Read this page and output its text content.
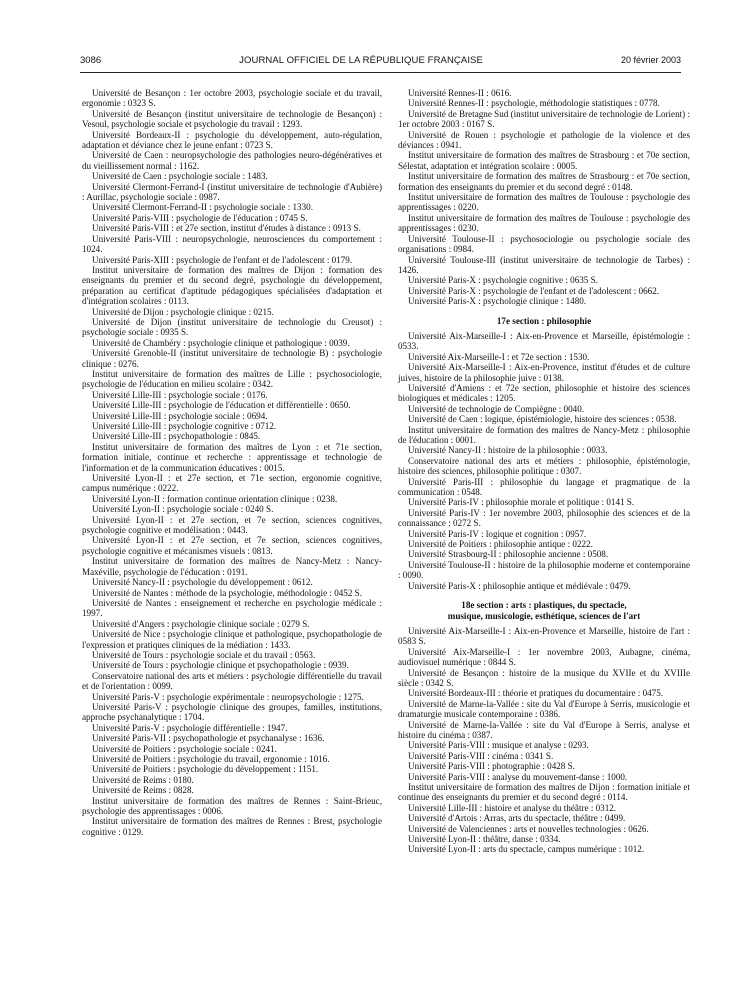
3086	JOURNAL OFFICIEL DE LA RÉPUBLIQUE FRANÇAISE	20 février 2003

Université de Besançon : 1er octobre 2003, psychologie sociale et du travail, ergonomie : 0323 S.

Université de Besançon (institut universitaire de technologie de Besançon) : Vesoul, psychologie sociale et psychologie du travail : 1293.

Université Bordeaux-II : psychologie du développement, auto-régulation, adaptation et déviance chez le jeune enfant : 0723 S.

Université de Caen : neuropsychologie des pathologies neuro-dégénératives et du vieillissement normal : 1162.

Université de Caen : psychologie sociale : 1483.

Université Clermont-Ferrand-I (institut universitaire de technologie d'Aubière) : Aurillac, psychologie sociale : 0987.

Université Clermont-Ferrand-II : psychologie sociale : 1330.

Université Paris-VIII : psychologie de l'éducation : 0745 S.

Université Paris-VIII : et 27e section, institut d'études à distance : 0913 S.

Université Paris-VIII : neuropsychologie, neurosciences du comportement : 1024.

Université Paris-XIII : psychologie de l'enfant et de l'adolescent : 0179.

Institut universitaire de formation des maîtres de Dijon : formation des enseignants du premier et du second degré, psychologie du développement, préparation au certificat d'aptitude pédagogiques spécialisées d'adaptation et d'intégration scolaires : 0113.

Université de Dijon : psychologie clinique : 0215.

Université de Dijon (institut universitaire de technologie du Creusot) : psychologie sociale : 0935 S.

Université de Chambéry : psychologie clinique et pathologique : 0039.

Université Grenoble-II (institut universitaire de technologie B) : psychologie clinique : 0276.

Institut universitaire de formation des maîtres de Lille : psychosociologie, psychologie de l'éducation en milieu scolaire : 0342.

Université Lille-III : psychologie sociale : 0176.

Université Lille-III : psychologie de l'éducation et différentielle : 0650.

Université Lille-III : psychologie sociale : 0694.

Université Lille-III : psychologie cognitive : 0712.

Université Lille-III : psychopathologie : 0845.

Institut universitaire de formation des maîtres de Lyon : et 71e section, formation initiale, continue et recherche : apprentissage et technologie de l'information et de la communication éducatives : 0015.

Université Lyon-II : et 27e section, et 71e section, ergonomie cognitive, campus numérique : 0222.

Université Lyon-II : formation continue orientation clinique : 0238.

Université Lyon-II : psychologie sociale : 0240 S.

Université Lyon-II : et 27e section, et 7e section, sciences cognitives, psychologie cognitive et modélisation : 0443.

Université Lyon-II : et 27e section, et 7e section, sciences cognitives, psychologie cognitive et mécanismes visuels : 0813.

Institut universitaire de formation des maîtres de Nancy-Metz : Nancy-Maxéville, psychologie de l'éducation : 0191.

Université Nancy-II : psychologie du développement : 0612.

Université de Nantes : méthode de la psychologie, méthodologie : 0452 S.

Université de Nantes : enseignement et recherche en psychologie médicale : 1997.

Université d'Angers : psychologie clinique sociale : 0279 S.

Université de Nice : psychologie clinique et pathologique, psychopathologie de l'expression et pratiques cliniques de la médiation : 1433.

Université de Tours : psychologie sociale et du travail : 0563.

Université de Tours : psychologie clinique et psychopathologie : 0939.

Conservatoire national des arts et métiers : psychologie différentielle du travail et de l'orientation : 0099.

Université Paris-V : psychologie expérimentale : neuropsychologie : 1275.

Université Paris-V : psychologie clinique des groupes, familles, institutions, approche psychanalytique : 1704.

Université Paris-V : psychologie différentielle : 1947.

Université Paris-VII : psychopathologie et psychanalyse : 1636.

Université de Poitiers : psychologie sociale : 0241.

Université de Poitiers : psychologie du travail, ergonomie : 1016.

Université de Poitiers : psychologie du développement : 1151.

Université de Reims : 0180.

Université de Reims : 0828.

Institut universitaire de formation des maîtres de Rennes : Saint-Brieuc, psychologie des apprentissages : 0006.

Institut universitaire de formation des maîtres de Rennes : Brest, psychologie cognitive : 0129.

Université Rennes-II : 0616.

Université Rennes-II : psychologie, méthodologie statistiques : 0778.

Université de Bretagne Sud (institut universitaire de technologie de Lorient) : 1er octobre 2003 : 0167 S.

Université de Rouen : psychologie et pathologie de la violence et des déviances : 0941.

Institut universitaire de formation des maîtres de Strasbourg : et 70e section, Sélestat, adaptation et intégration scolaire : 0005.

Institut universitaire de formation des maîtres de Strasbourg : et 70e section, formation des enseignants du premier et du second degré : 0148.

Institut universitaire de formation des maîtres de Toulouse : psychologie des apprentissages : 0220.

Institut universitaire de formation des maîtres de Toulouse : psychologie des apprentissages : 0230.

Université Toulouse-II : psychosociologie ou psychologie sociale des organisations : 0984.

Université Toulouse-III (institut universitaire de technologie de Tarbes) : 1426.

Université Paris-X : psychologie cognitive : 0635 S.

Université Paris-X : psychologie de l'enfant et de l'adolescent : 0662.

Université Paris-X : psychologie clinique : 1480.

17e section : philosophie

Université Aix-Marseille-I : Aix-en-Provence et Marseille, épistémologie : 0533.

Université Aix-Marseille-I : et 72e section : 1530.

Université Aix-Marseille-I : Aix-en-Provence, institut d'études et de culture juives, histoire de la philosophie juive : 0138.

Université d'Amiens : et 72e section, philosophie et histoire des sciences biologiques et médicales : 1205.

Université de technologie de Compiègne : 0040.

Université de Caen : logique, épistémiologie, histoire des sciences : 0538.

Institut universitaire de formation des maîtres de Nancy-Metz : philosophie de l'éducation : 0001.

Université Nancy-II : histoire de la philosophie : 0033.

Conservatoire national des arts et métiers : philosophie, épistémologie, histoire des sciences, philosophie politique : 0307.

Université Paris-III : philosophie du langage et pragmatique de la communication : 0548.

Université Paris-IV : philosophie morale et politique : 0141 S.

Université Paris-IV : 1er novembre 2003, philosophie des sciences et de la connaissance : 0272 S.

Université Paris-IV : logique et cognition : 0957.

Université de Poitiers : philosophie antique : 0222.

Université Strasbourg-II : philosophie ancienne : 0508.

Université Toulouse-II : histoire de la philosophie moderne et contemporaine : 0090.

Université Paris-X : philosophie antique et médiévale : 0479.

18e section : arts : plastiques, du spectacle,
musique, musicologie, esthétique, sciences de l'art

Université Aix-Marseille-I : Aix-en-Provence et Marseille, histoire de l'art : 0583 S.

Université Aix-Marseille-I : 1er novembre 2003, Aubagne, cinéma, audiovisuel numérique : 0844 S.

Université de Besançon : histoire de la musique du XVIIe et du XVIIIe siècle : 0342 S.

Université Bordeaux-III : théorie et pratiques du documentaire : 0475.

Université de Marne-la-Vallée : site du Val d'Europe à Serris, musicologie et dramaturgie musicale contemporaine : 0386.

Université de Marne-la-Vallée : site du Val d'Europe à Serris, analyse et histoire du cinéma : 0387.

Université Paris-VIII : musique et analyse : 0293.

Université Paris-VIII : cinéma : 0341 S.

Université Paris-VIII : photographie : 0428 S.

Université Paris-VIII : analyse du mouvement-danse : 1000.

Institut universitaire de formation des maîtres de Dijon : formation initiale et continue des enseignants du premier et du second degré : 0114.

Université Lille-III : histoire et analyse du théâtre : 0312.

Université d'Artois : Arras, arts du spectacle, théâtre : 0499.

Université de Valenciennes : arts et nouvelles technologies : 0626.

Université Lyon-II : théâtre, danse : 0334.

Université Lyon-II : arts du spectacle, campus numérique : 1012.
